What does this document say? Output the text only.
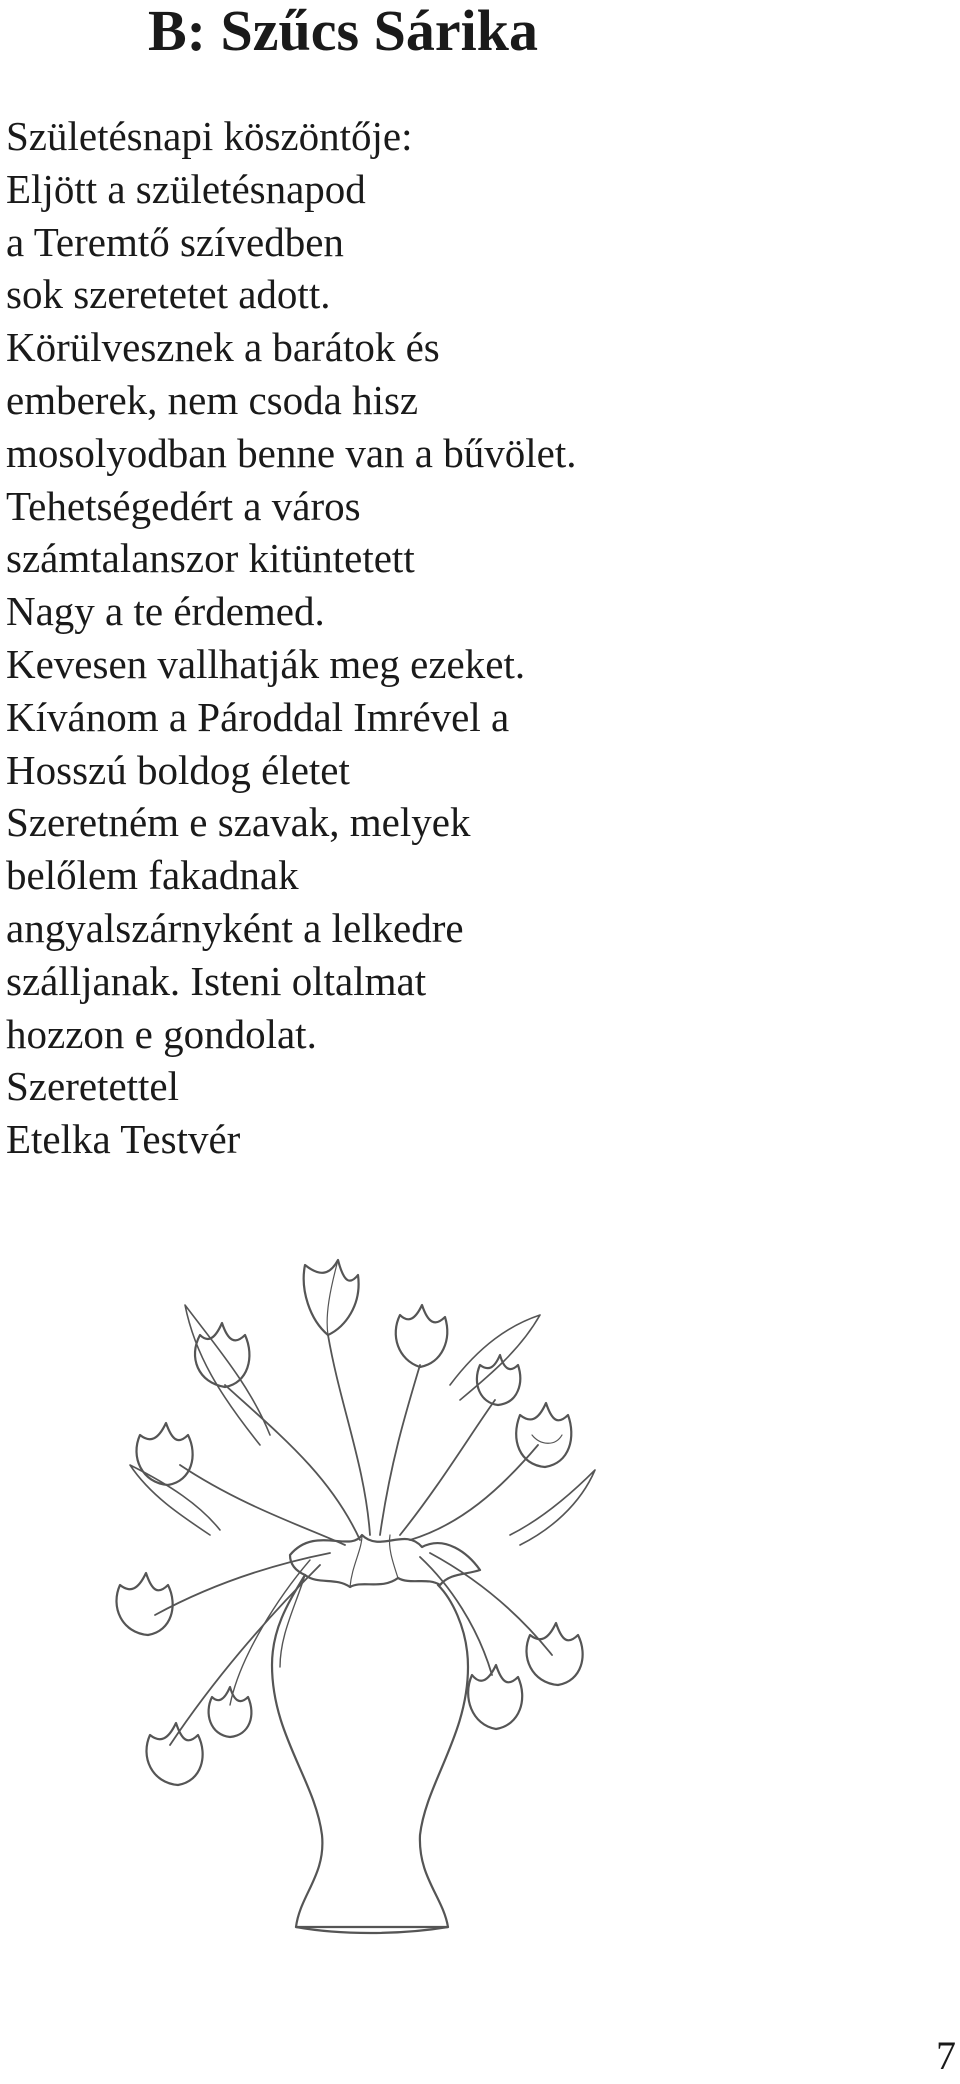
B: Szűcs Sárika
Születésnapi köszöntője:
Eljött a születésnapod
a Teremtő szívedben
sok szeretetet adott.
Körülvesznek a barátok és
emberek, nem csoda hisz
mosolyodban benne van a bűvölet.
Tehetségedért a város
számtalanszor kitüntetett
Nagy a te érdemed.
Kevesen vallhatják meg ezeket.
Kívánom a Pároddal Imrével a
Hosszú boldog életet
Szeretném e szavak, melyek
belőlem fakadnak
angyalszárnyként a lelkedre
szálljanak. Isteni oltalmat
hozzon e gondolat.
Szeretettel
Etelka Testvér
7
